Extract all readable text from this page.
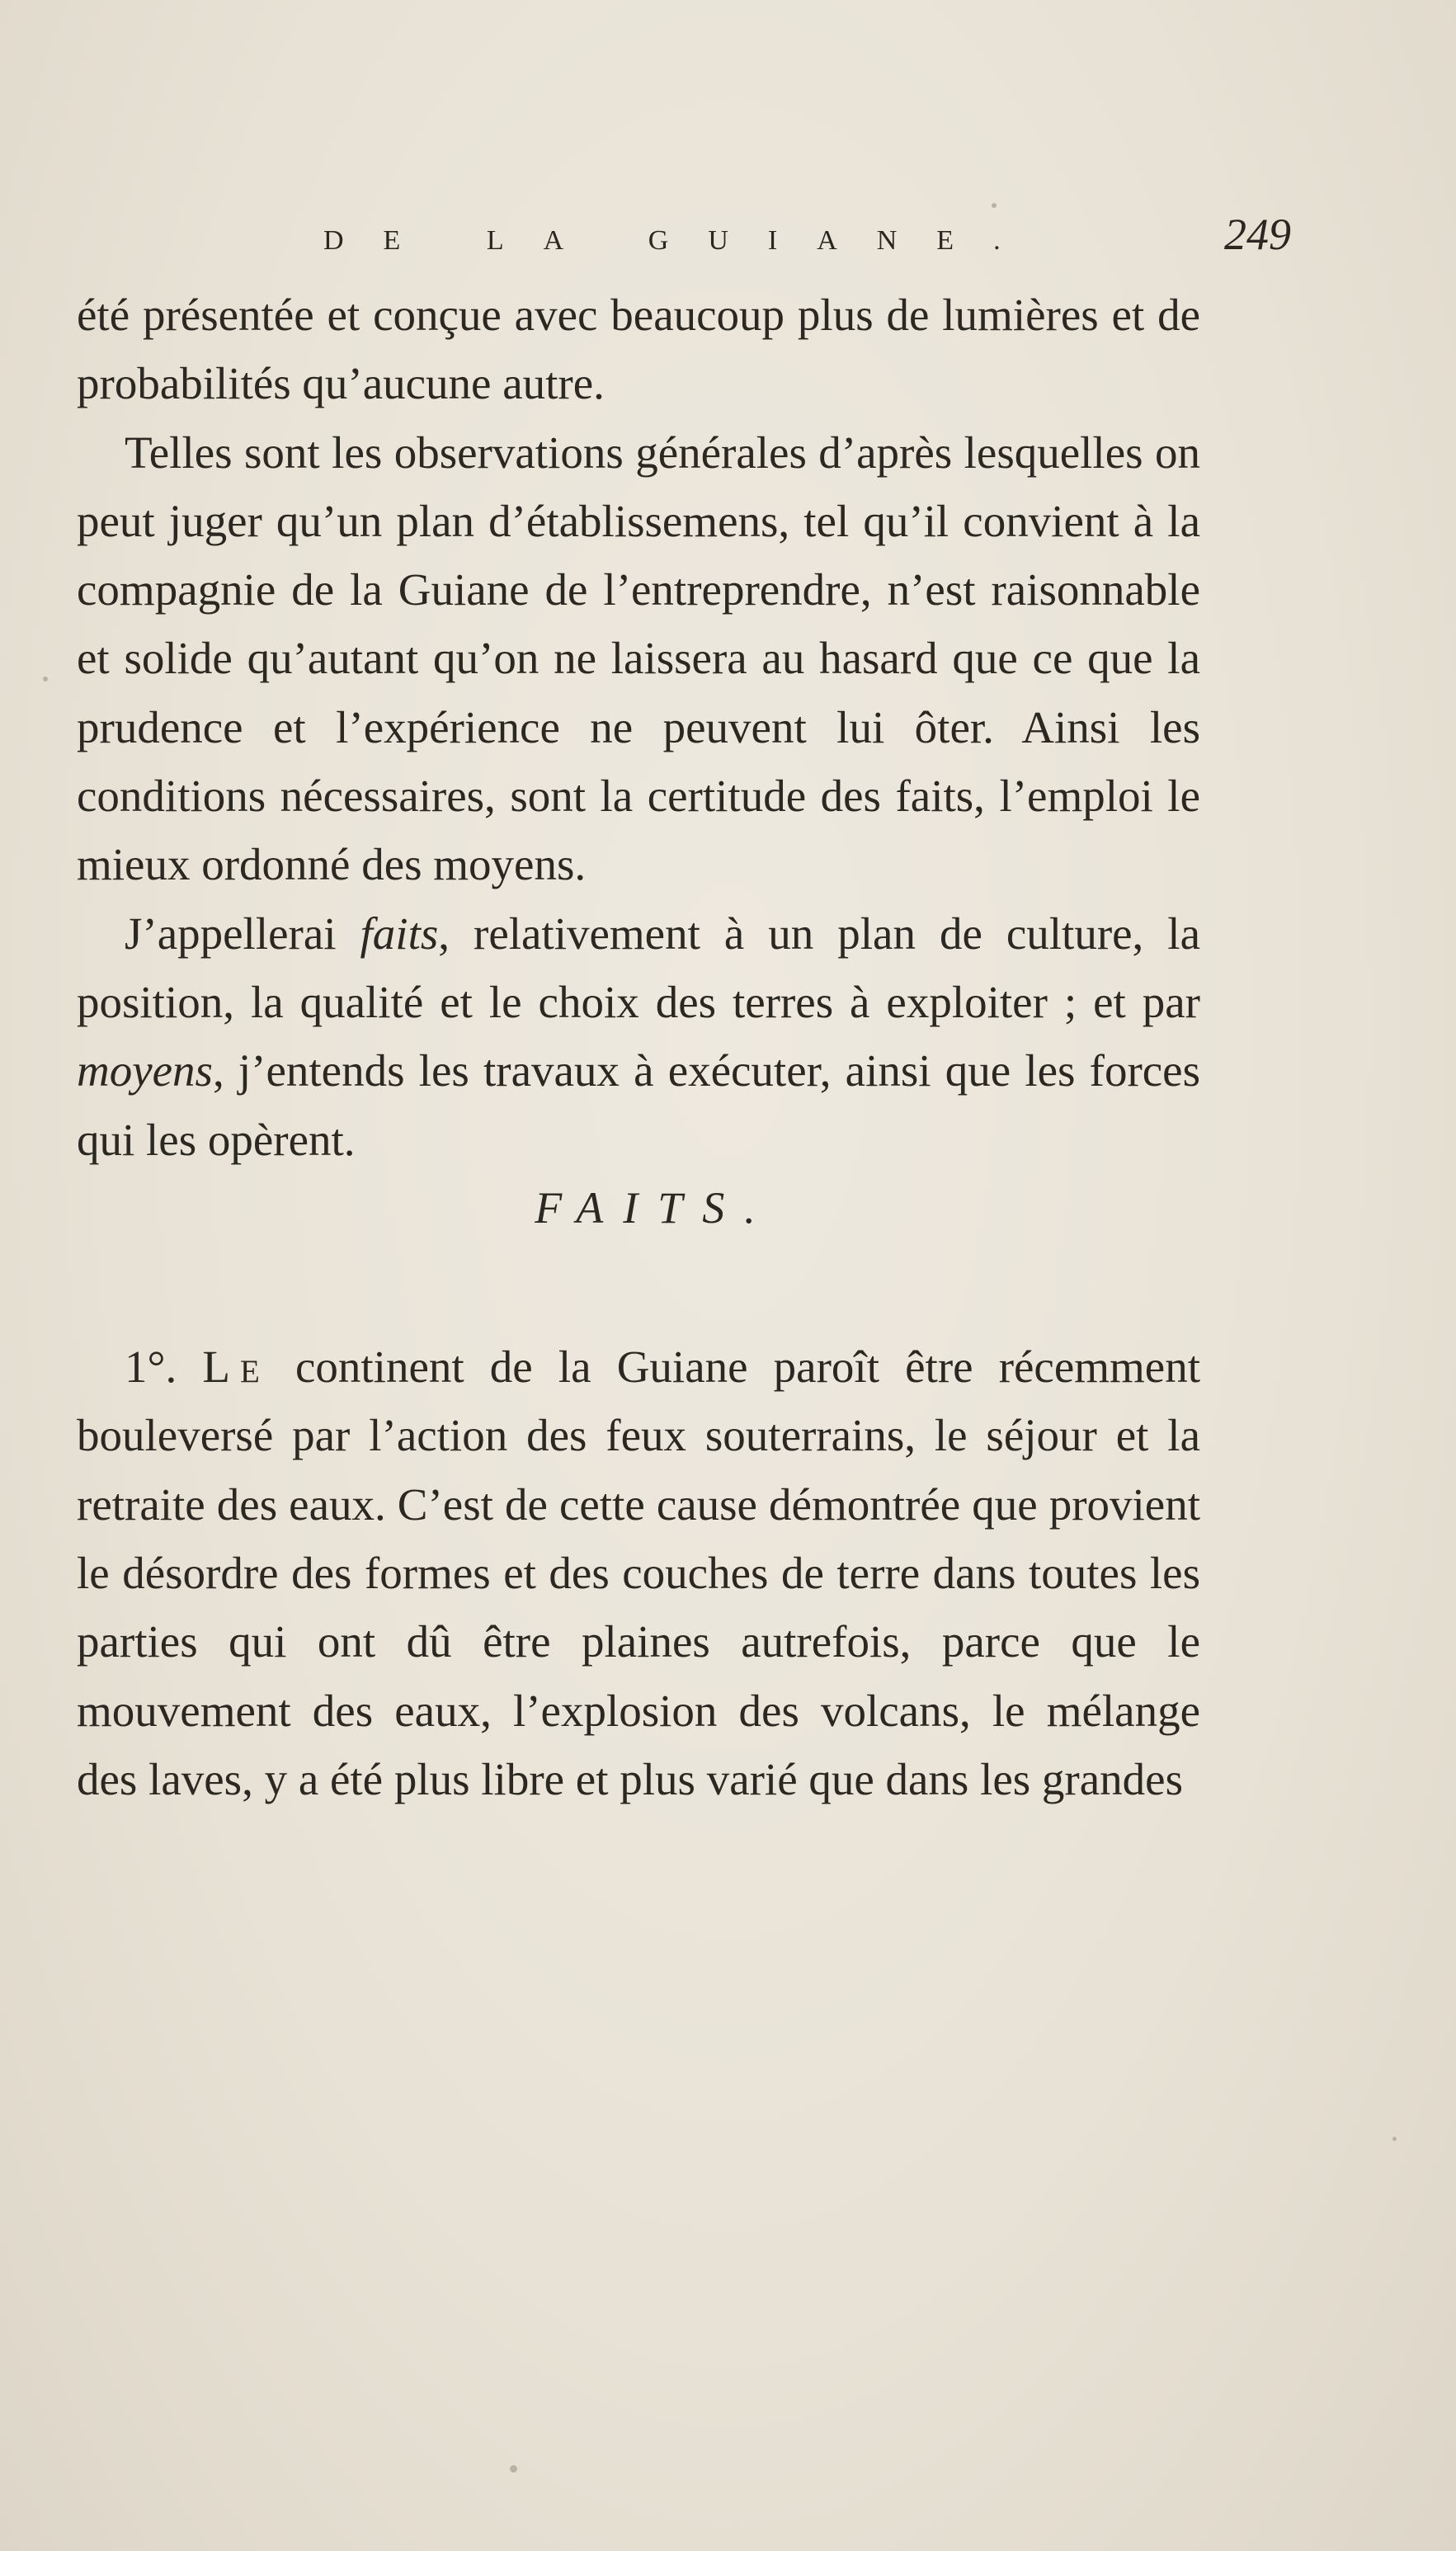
DE LA GUIANE.	249

été présentée et conçue avec beaucoup plus de lumières et de probabilités qu’aucune autre.

Telles sont les observations générales d’après lesquelles on peut juger qu’un plan d’établissemens, tel qu’il convient à la compagnie de la Guiane de l’entreprendre, n’est raisonnable et solide qu’autant qu’on ne laissera au hasard que ce que la prudence et l’expérience ne peuvent lui ôter. Ainsi les conditions nécessaires, sont la certitude des faits, l’emploi le mieux ordonné des moyens.

J’appellerai faits, relativement à un plan de culture, la position, la qualité et le choix des terres à exploiter ; et par moyens, j’entends les travaux à exécuter, ainsi que les forces qui les opèrent.

FAITS.

1°. Le continent de la Guiane paroît être récemment bouleversé par l’action des feux souterrains, le séjour et la retraite des eaux. C’est de cette cause démontrée que provient le désordre des formes et des couches de terre dans toutes les parties qui ont dû être plaines autrefois, parce que le mouvement des eaux, l’explosion des volcans, le mélange des laves, y a été plus libre et plus varié que dans les grandes
